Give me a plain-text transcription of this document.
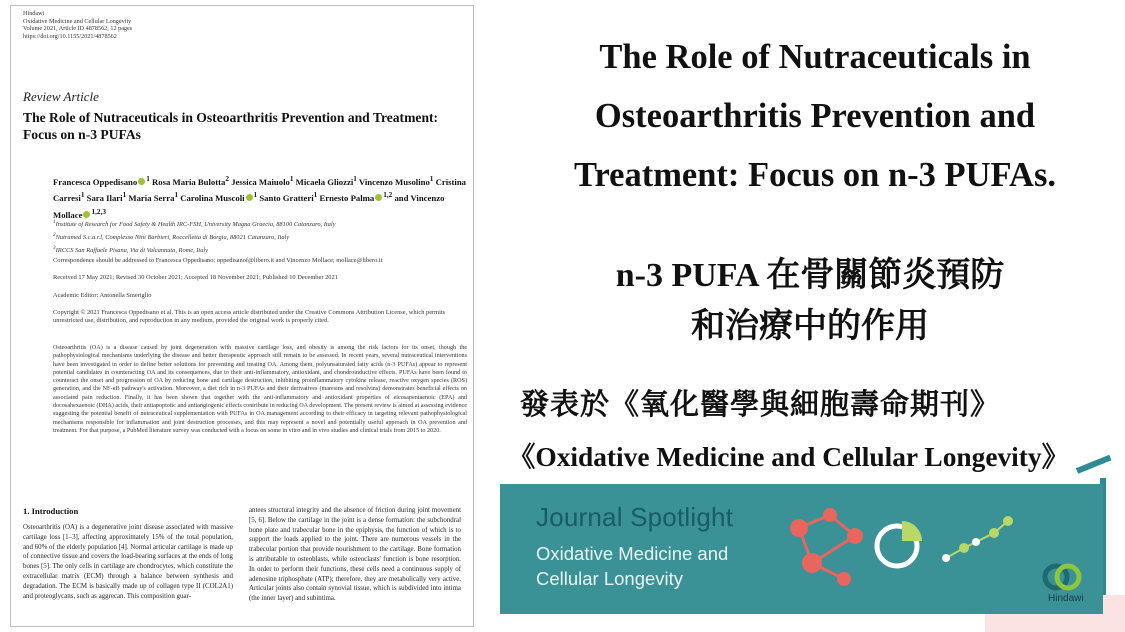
Hindawi
Oxidative Medicine and Cellular Longevity
Volume 2021, Article ID 4878562, 12 pages
https://doi.org/10.1155/2021/4878562
Review Article
The Role of Nutraceuticals in Osteoarthritis Prevention and Treatment: Focus on n-3 PUFAs
Francesca Oppedisano $^1$ Rosa Maria Bulotta$^2$ Jessica Maiuolo$^1$ Micaela Gliozzi$^1$ Vincenzo Musolino$^1$ Cristina Carresi$^1$ Sara Ilari$^1$ Maria Serra$^1$ Carolina Muscoli $^1$ Santo Gratteri$^1$ Ernesto Palma $^{1,2}$ and Vincenzo Mollace $^{1,2,3}$
$^1$Institute of Research for Food Safety & Health IRC-FSH, University Magna Graecia, 88100 Catanzaro, Italy
$^2$Nutramed S.c.a.r.l, Complesso Nini Barbieri, Roccelletta di Borgia, 88021 Catanzaro, Italy
$^3$IRCCS San Raffaele Pisana, Via di Valcannuta, Rome, Italy
Correspondence should be addressed to Francesca Oppedisano; oppedisanof@libero.it and Vincenzo Mollace; mollace@libero.it
Received 17 May 2021; Revised 30 October 2021; Accepted 18 November 2021; Published 10 December 2021
Academic Editor: Antonella Smeriglio
Copyright © 2021 Francesca Oppedisano et al. This is an open access article distributed under the Creative Commons Attribution License, which permits unrestricted use, distribution, and reproduction in any medium, provided the original work is properly cited.
Osteoarthritis (OA) is a disease caused by joint degeneration with massive cartilage loss, and obesity is among the risk factors for its onset, though the pathophysiological mechanisms underlying the disease and better therapeutic approach still remain to be assessed. In recent years, several nutraceutical interventions have been investigated in order to define better solutions for preventing and treating OA. Among them, polyunsaturated fatty acids (n-3 PUFAs) appear to represent potential candidates in counteracting OA and its consequences, due to their anti-inflammatory, antioxidant, and chondroinductive effects. PUFAs have been found to counteract the onset and progression of OA by reducing bone and cartilage destruction, inhibiting proinflammatory cytokine release, reactive oxygen species (ROS) generation, and the NF-κB pathway's activation. Moreover, a diet rich in n-3 PUFAs and their derivatives (maresins and resolvins) demonstrates beneficial effects on associated pain reduction. Finally, it has been shown that together with the anti-inflammatory and antioxidant properties of eicosapentaenoic (EPA) and docosahexaenoic (DHA) acids, their antiapoptotic and antiangiogenic effects contribute in reducing OA development. The present review is aimed at assessing evidence suggesting the potential benefit of nutraceutical supplementation with PUFAs in OA management according to their efficacy in targeting relevant pathophysiological mechanisms responsible for inflammation and joint destruction processes, and this may represent a novel and potentially useful approach in OA prevention and treatment. For that purpose, a PubMed literature survey was conducted with a focus on some in vitro and in vivo studies and clinical trials from 2015 to 2020.
1. Introduction
Osteoarthritis (OA) is a degenerative joint disease associated with massive cartilage loss [1–3], affecting approximately 15% of the total population, and 60% of the elderly population [4]. Normal articular cartilage is made up of connective tissue and covers the load-bearing surfaces at the ends of long bones [5]. The only cells in cartilage are chondrocytes, which constitute the extracellular matrix (ECM) through a balance between synthesis and degradation. The ECM is basically made up of collagen type II (COL2A1) and proteoglycans, such as aggrecan. This composition guar-
antees structural integrity and the absence of friction during joint movement [5, 6]. Below the cartilage in the joint is a dense formation: the subchondral bone plate and trabecular bone in the epiphysis, the function of which is to support the loads applied to the joint. There are numerous vessels in the trabecular portion that provide nourishment to the cartilage. Bone formation is attributable to osteoblasts, while osteoclasts' function is bone resorption. In order to perform their functions, these cells need a continuous supply of adenosine triphosphate (ATP); therefore, they are metabolically very active. Articular joints also contain synovial tissue, which is subdivided into intima (the inner layer) and subintima.
The Role of Nutraceuticals in Osteoarthritis Prevention and Treatment: Focus on n-3 PUFAs.
n-3 PUFA 在骨關節炎預防
和治療中的作用
發表於《氧化醫學與細胞壽命期刊》
《Oxidative Medicine and Cellular Longevity》
Journal Spotlight
Oxidative Medicine and
Cellular Longevity
Hindawi
